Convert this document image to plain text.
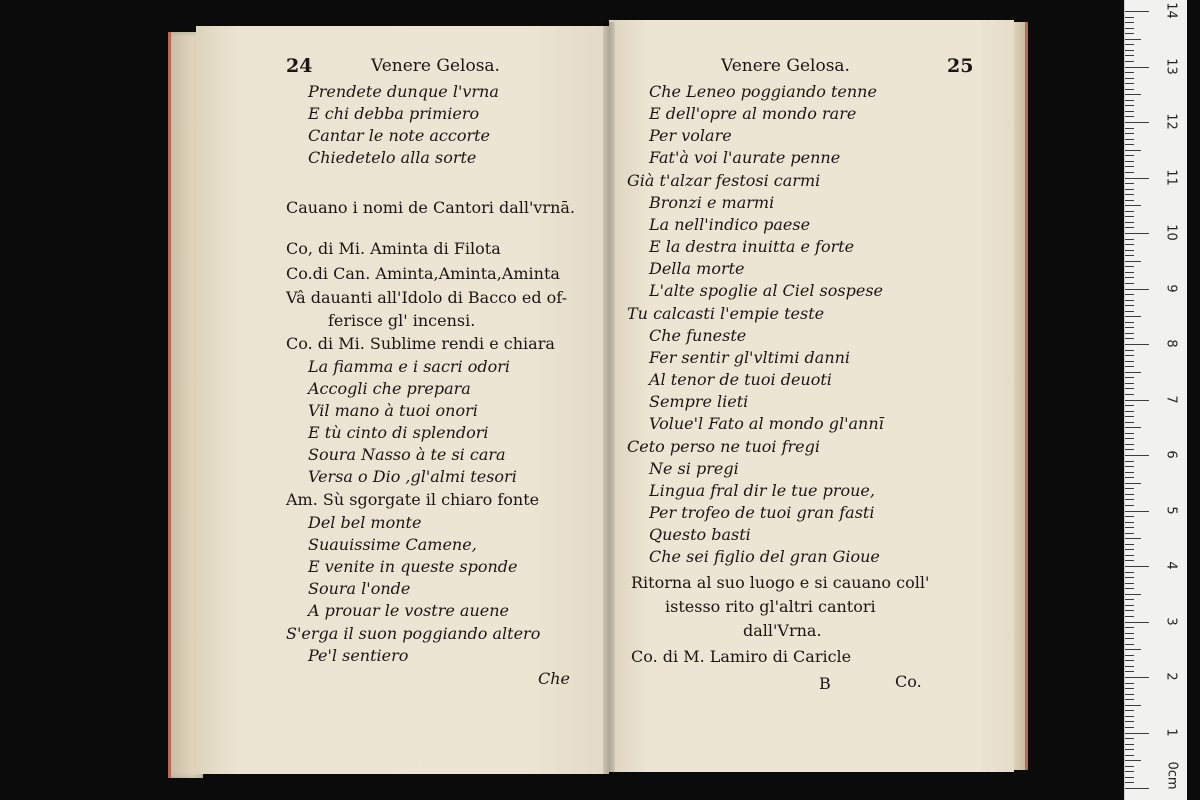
24	Venere Gelosa.
Prendete dunque l'vrna
E chi debba primiero
Cantar le note accorte
Chiedetelo alla sorte
Cauano i nomi de Cantori dall'vrnā.
Co, di Mi. Aminta di Filota
Co.di Can. Aminta,Aminta,Aminta
Vâ dauanti all'Idolo di Bacco ed of-
ferisce gl' incensi.
Co. di Mi. Sublime rendi e chiara
La fiamma e i sacri odori
Accogli che prepara
Vil mano à tuoi onori
E tù cinto di splendori
Soura Nasso à te si cara
Versa o Dio ,gl'almi tesori
Am. Sù sgorgate il chiaro fonte
Del bel monte
Suauissime Camene,
E venite in queste sponde
Soura l'onde
A prouar le vostre auene
S'erga il suon poggiando altero
Pe'l sentiero
Che
Venere Gelosa.	25
Che Leneo poggiando tenne
E dell'opre al mondo rare
Per volare
Fat'à voi l'aurate penne
Già t'alzar festosi carmi
Bronzi e marmi
La nell'indico paese
E la destra inuitta e forte
Della morte
L'alte spoglie al Ciel sospese
Tu calcasti l'empie teste
Che funeste
Fer sentir gl'vltimi danni
Al tenor de tuoi deuoti
Sempre lieti
Volue'l Fato al mondo gl'annī
Ceto perso ne tuoi fregi
Ne si pregi
Lingua fral dir le tue proue,
Per trofeo de tuoi gran fasti
Questo basti
Che sei figlio del gran Gioue
Ritorna al suo luogo e si cauano coll'
istesso rito gl'altri cantori
dall'Vrna.
Co. di M. Lamiro di Caricle
B	Co.
0cm
1
2
3
4
5
6
7
8
9
10
11
12
13
14
